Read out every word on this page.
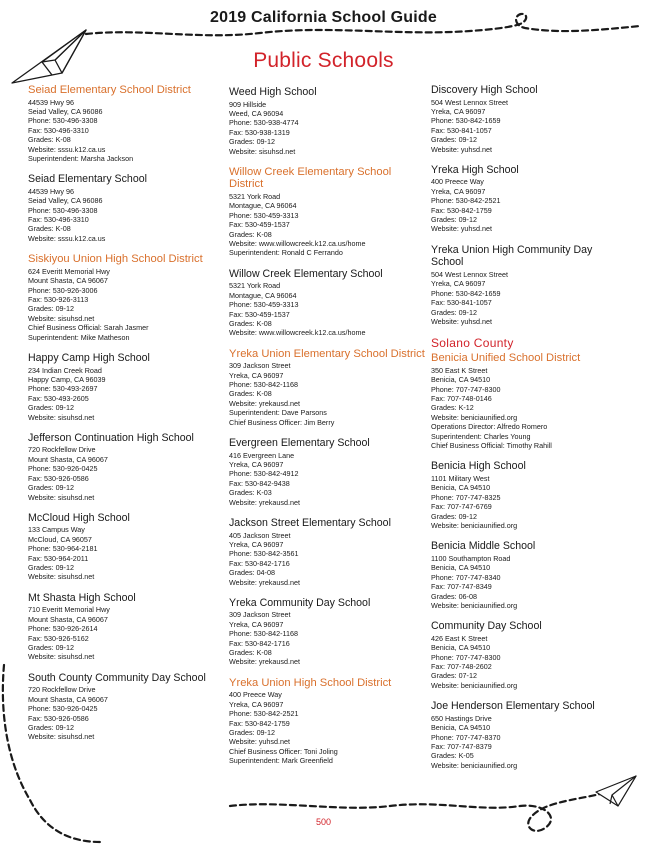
2019 California School Guide
Public Schools
Seiad Elementary School District
44539 Hwy 96
Seiad Valley, CA 96086
Phone: 530-496-3308
Fax: 530-496-3310
Grades: K-08
Website: sssu.k12.ca.us
Superintendent: Marsha Jackson
Seiad Elementary School
44539 Hwy 96
Seiad Valley, CA 96086
Phone: 530-496-3308
Fax: 530-496-3310
Grades: K-08
Website: sssu.k12.ca.us
Siskiyou Union High School District
624 Everitt Memorial Hwy
Mount Shasta, CA 96067
Phone: 530-926-3006
Fax: 530-926-3113
Grades: 09-12
Website: sisuhsd.net
Chief Business Official: Sarah Jasmer
Superintendent: Mike Matheson
Happy Camp High School
234 Indian Creek Road
Happy Camp, CA 96039
Phone: 530-493-2697
Fax: 530-493-2605
Grades: 09-12
Website: sisuhsd.net
Jefferson Continuation High School
720 Rockfellow Drive
Mount Shasta, CA 96067
Phone: 530-926-0425
Fax: 530-926-0586
Grades: 09-12
Website: sisuhsd.net
McCloud High School
133 Campus Way
McCloud, CA 96057
Phone: 530-964-2181
Fax: 530-964-2011
Grades: 09-12
Website: sisuhsd.net
Mt Shasta High School
710 Everitt Memorial Hwy
Mount Shasta, CA 96067
Phone: 530-926-2614
Fax: 530-926-5162
Grades: 09-12
Website: sisuhsd.net
South County Community Day School
720 Rockfellow Drive
Mount Shasta, CA 96067
Phone: 530-926-0425
Fax: 530-926-0586
Grades: 09-12
Website: sisuhsd.net
Weed High School
909 Hillside
Weed, CA 96094
Phone: 530-938-4774
Fax: 530-938-1319
Grades: 09-12
Website: sisuhsd.net
Willow Creek Elementary School District
5321 York Road
Montague, CA 96064
Phone: 530-459-3313
Fax: 530-459-1537
Grades: K-08
Website: www.willowcreek.k12.ca.us/home
Superintendent: Ronald C Ferrando
Willow Creek Elementary School
5321 York Road
Montague, CA 96064
Phone: 530-459-3313
Fax: 530-459-1537
Grades: K-08
Website: www.willowcreek.k12.ca.us/home
Yreka Union Elementary School District
309 Jackson Street
Yreka, CA 96097
Phone: 530-842-1168
Grades: K-08
Website: yrekausd.net
Superintendent: Dave Parsons
Chief Business Officer: Jim Berry
Evergreen Elementary School
416 Evergreen Lane
Yreka, CA 96097
Phone: 530-842-4912
Fax: 530-842-9438
Grades: K-03
Website: yrekausd.net
Jackson Street Elementary School
405 Jackson Street
Yreka, CA 96097
Phone: 530-842-3561
Fax: 530-842-1716
Grades: 04-08
Website: yrekausd.net
Yreka Community Day School
309 Jackson Street
Yreka, CA 96097
Phone: 530-842-1168
Fax: 530-842-1716
Grades: K-08
Website: yrekausd.net
Yreka Union High School District
400 Preece Way
Yreka, CA 96097
Phone: 530-842-2521
Fax: 530-842-1759
Grades: 09-12
Website: yuhsd.net
Chief Business Officer: Toni Joling
Superintendent: Mark Greenfield
Discovery High School
504 West Lennox Street
Yreka, CA 96097
Phone: 530-842-1659
Fax: 530-841-1057
Grades: 09-12
Website: yuhsd.net
Yreka High School
400 Preece Way
Yreka, CA 96097
Phone: 530-842-2521
Fax: 530-842-1759
Grades: 09-12
Website: yuhsd.net
Yreka Union High Community Day School
504 West Lennox Street
Yreka, CA 96097
Phone: 530-842-1659
Fax: 530-841-1057
Grades: 09-12
Website: yuhsd.net
Solano County
Benicia Unified School District
350 East K Street
Benicia, CA 94510
Phone: 707-747-8300
Fax: 707-748-0146
Grades: K-12
Website: beniciaunified.org
Operations Director: Alfredo Romero
Superintendent: Charles Young
Chief Business Official: Timothy Rahill
Benicia High School
1101 Military West
Benicia, CA 94510
Phone: 707-747-8325
Fax: 707-747-6769
Grades: 09-12
Website: beniciaunified.org
Benicia Middle School
1100 Southampton Road
Benicia, CA 94510
Phone: 707-747-8340
Fax: 707-747-8349
Grades: 06-08
Website: beniciaunified.org
Community Day School
426 East K Street
Benicia, CA 94510
Phone: 707-747-8300
Fax: 707-748-2602
Grades: 07-12
Website: beniciaunified.org
Joe Henderson Elementary School
650 Hastings Drive
Benicia, CA 94510
Phone: 707-747-8370
Fax: 707-747-8379
Grades: K-05
Website: beniciaunified.org
500
